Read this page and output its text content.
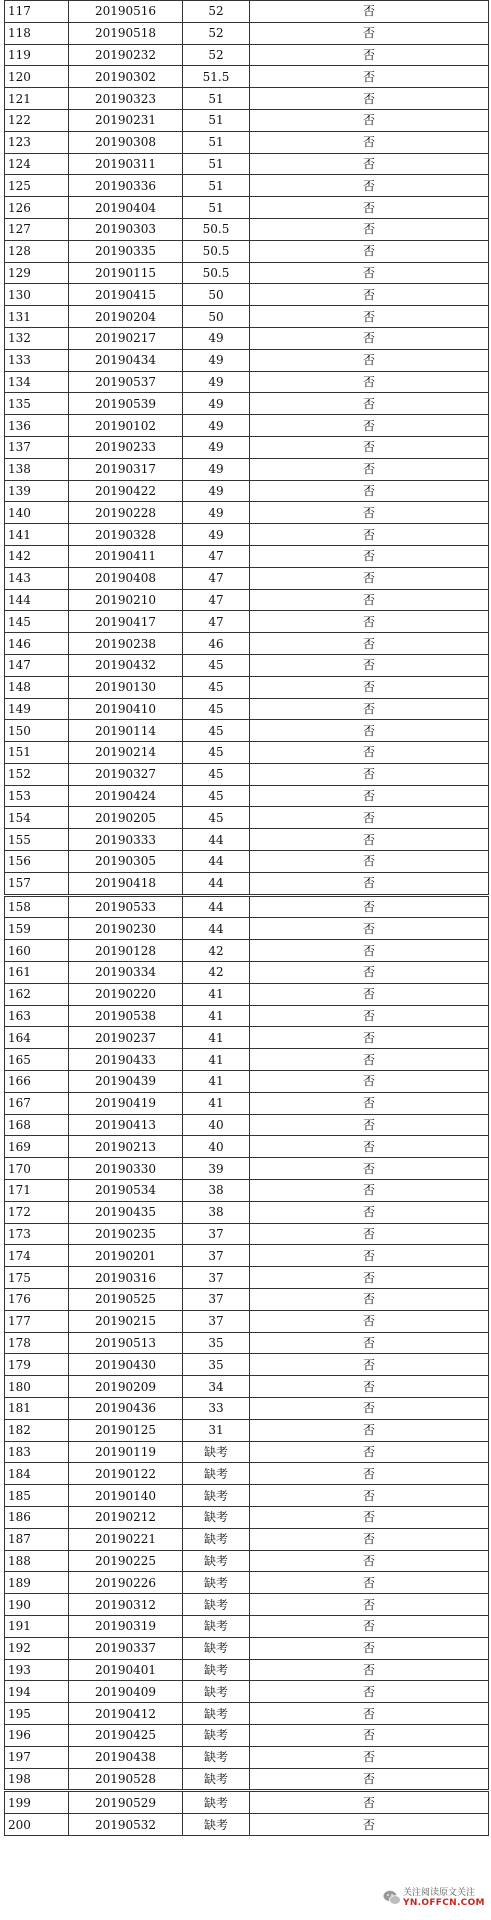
117	20190516	52	否
118	20190518	52	否
119	20190232	52	否
120	20190302	51.5	否
121	20190323	51	否
122	20190231	51	否
123	20190308	51	否
124	20190311	51	否
125	20190336	51	否
126	20190404	51	否
127	20190303	50.5	否
128	20190335	50.5	否
129	20190115	50.5	否
130	20190415	50	否
131	20190204	50	否
132	20190217	49	否
133	20190434	49	否
134	20190537	49	否
135	20190539	49	否
136	20190102	49	否
137	20190233	49	否
138	20190317	49	否
139	20190422	49	否
140	20190228	49	否
141	20190328	49	否
142	20190411	47	否
143	20190408	47	否
144	20190210	47	否
145	20190417	47	否
146	20190238	46	否
147	20190432	45	否
148	20190130	45	否
149	20190410	45	否
150	20190114	45	否
151	20190214	45	否
152	20190327	45	否
153	20190424	45	否
154	20190205	45	否
155	20190333	44	否
156	20190305	44	否
157	20190418	44	否
158	20190533	44	否
159	20190230	44	否
160	20190128	42	否
161	20190334	42	否
162	20190220	41	否
163	20190538	41	否
164	20190237	41	否
165	20190433	41	否
166	20190439	41	否
167	20190419	41	否
168	20190413	40	否
169	20190213	40	否
170	20190330	39	否
171	20190534	38	否
172	20190435	38	否
173	20190235	37	否
174	20190201	37	否
175	20190316	37	否
176	20190525	37	否
177	20190215	37	否
178	20190513	35	否
179	20190430	35	否
180	20190209	34	否
181	20190436	33	否
182	20190125	31	否
183	20190119	缺考	否
184	20190122	缺考	否
185	20190140	缺考	否
186	20190212	缺考	否
187	20190221	缺考	否
188	20190225	缺考	否
189	20190226	缺考	否
190	20190312	缺考	否
191	20190319	缺考	否
192	20190337	缺考	否
193	20190401	缺考	否
194	20190409	缺考	否
195	20190412	缺考	否
196	20190425	缺考	否
197	20190438	缺考	否
198	20190528	缺考	否
199	20190529	缺考	否
200	20190532	缺考	否
关注阅读原文关注
YN.OFFCN.COM
